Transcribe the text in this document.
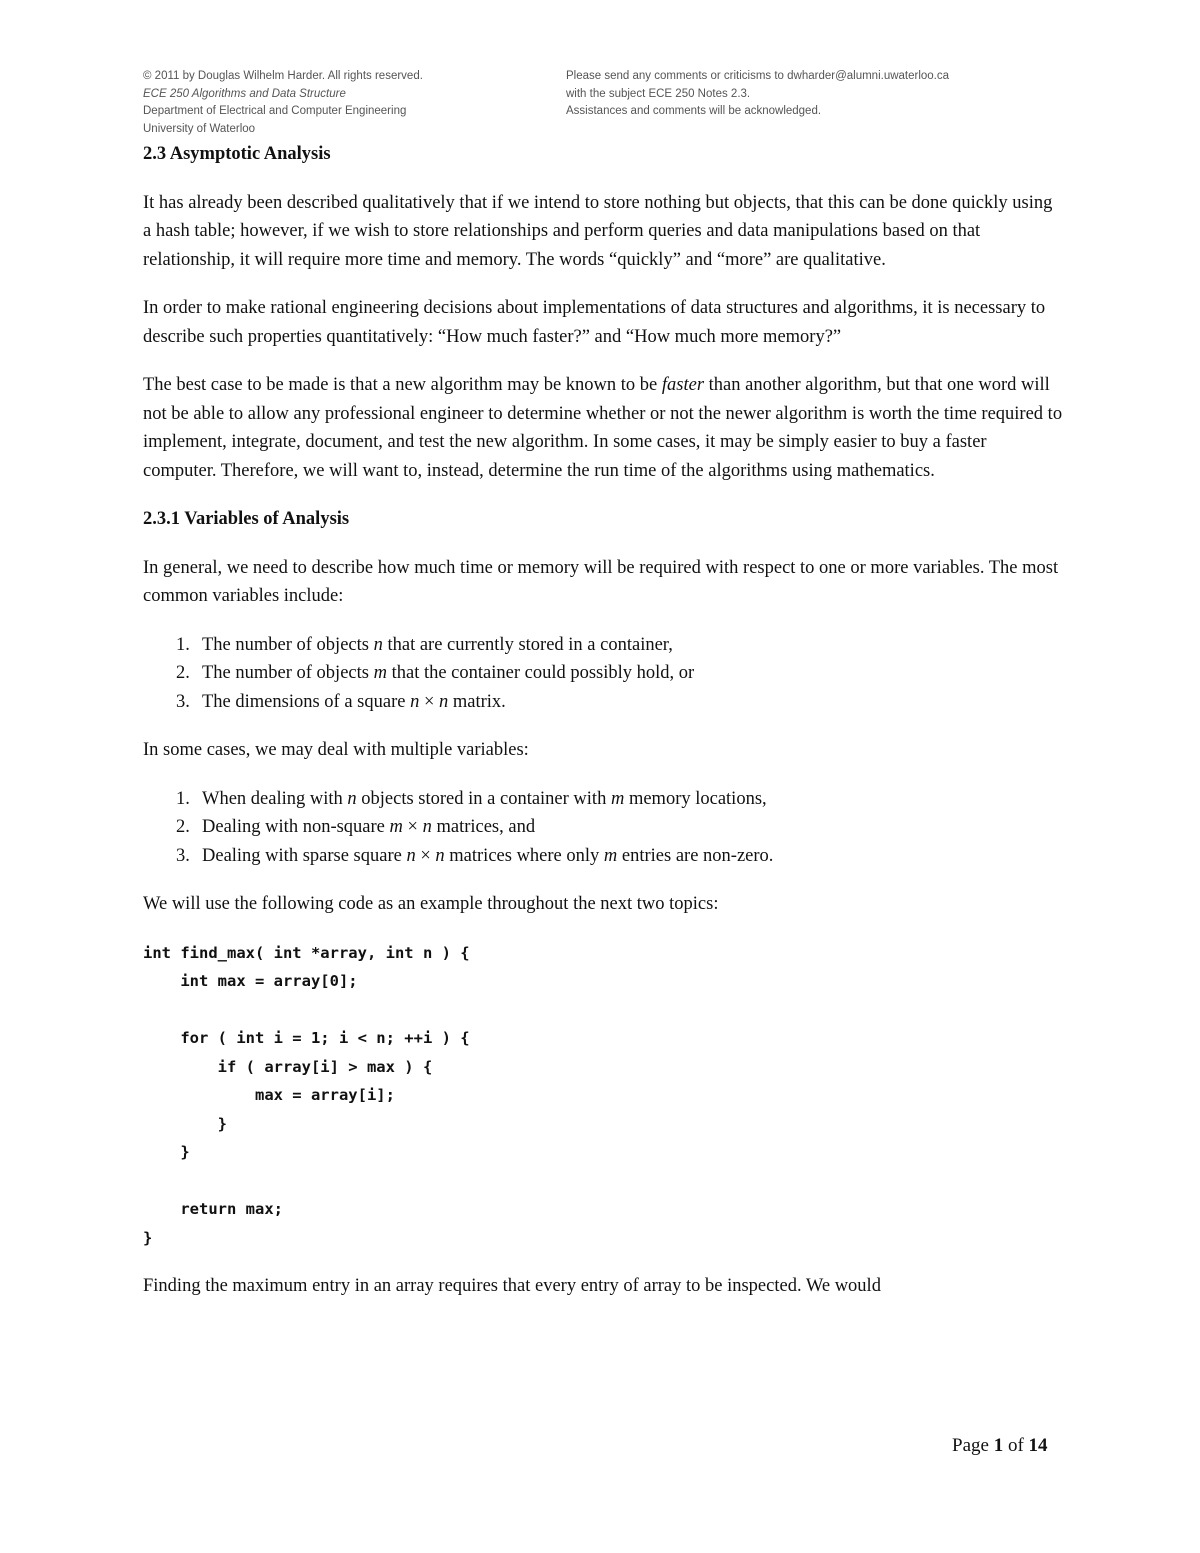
© 2011 by Douglas Wilhelm Harder. All rights reserved.
ECE 250 Algorithms and Data Structure
Department of Electrical and Computer Engineering
University of Waterloo
Please send any comments or criticisms to dwharder@alumni.uwaterloo.ca
with the subject ECE 250 Notes 2.3.
Assistances and comments will be acknowledged.
2.3 Asymptotic Analysis

It has already been described qualitatively that if we intend to store nothing but objects, that this can be done quickly using a hash table; however, if we wish to store relationships and perform queries and data manipulations based on that relationship, it will require more time and memory. The words “quickly” and “more” are qualitative.

In order to make rational engineering decisions about implementations of data structures and algorithms, it is necessary to describe such properties quantitatively: “How much faster?” and “How much more memory?”

The best case to be made is that a new algorithm may be known to be faster than another algorithm, but that one word will not be able to allow any professional engineer to determine whether or not the newer algorithm is worth the time required to implement, integrate, document, and test the new algorithm. In some cases, it may be simply easier to buy a faster computer. Therefore, we will want to, instead, determine the run time of the algorithms using mathematics.

2.3.1 Variables of Analysis

In general, we need to describe how much time or memory will be required with respect to one or more variables. The most common variables include:

1. The number of objects n that are currently stored in a container,
2. The number of objects m that the container could possibly hold, or
3. The dimensions of a square n × n matrix.

In some cases, we may deal with multiple variables:

1. When dealing with n objects stored in a container with m memory locations,
2. Dealing with non-square m × n matrices, and
3. Dealing with sparse square n × n matrices where only m entries are non-zero.

We will use the following code as an example throughout the next two topics:

int find_max( int *array, int n ) {
int max = array[0];
for ( int i = 1; i < n; ++i ) {
if ( array[i] > max ) {
max = array[i];
}
}
return max;
}

Finding the maximum entry in an array requires that every entry of array to be inspected. We would

Page 1 of 14
